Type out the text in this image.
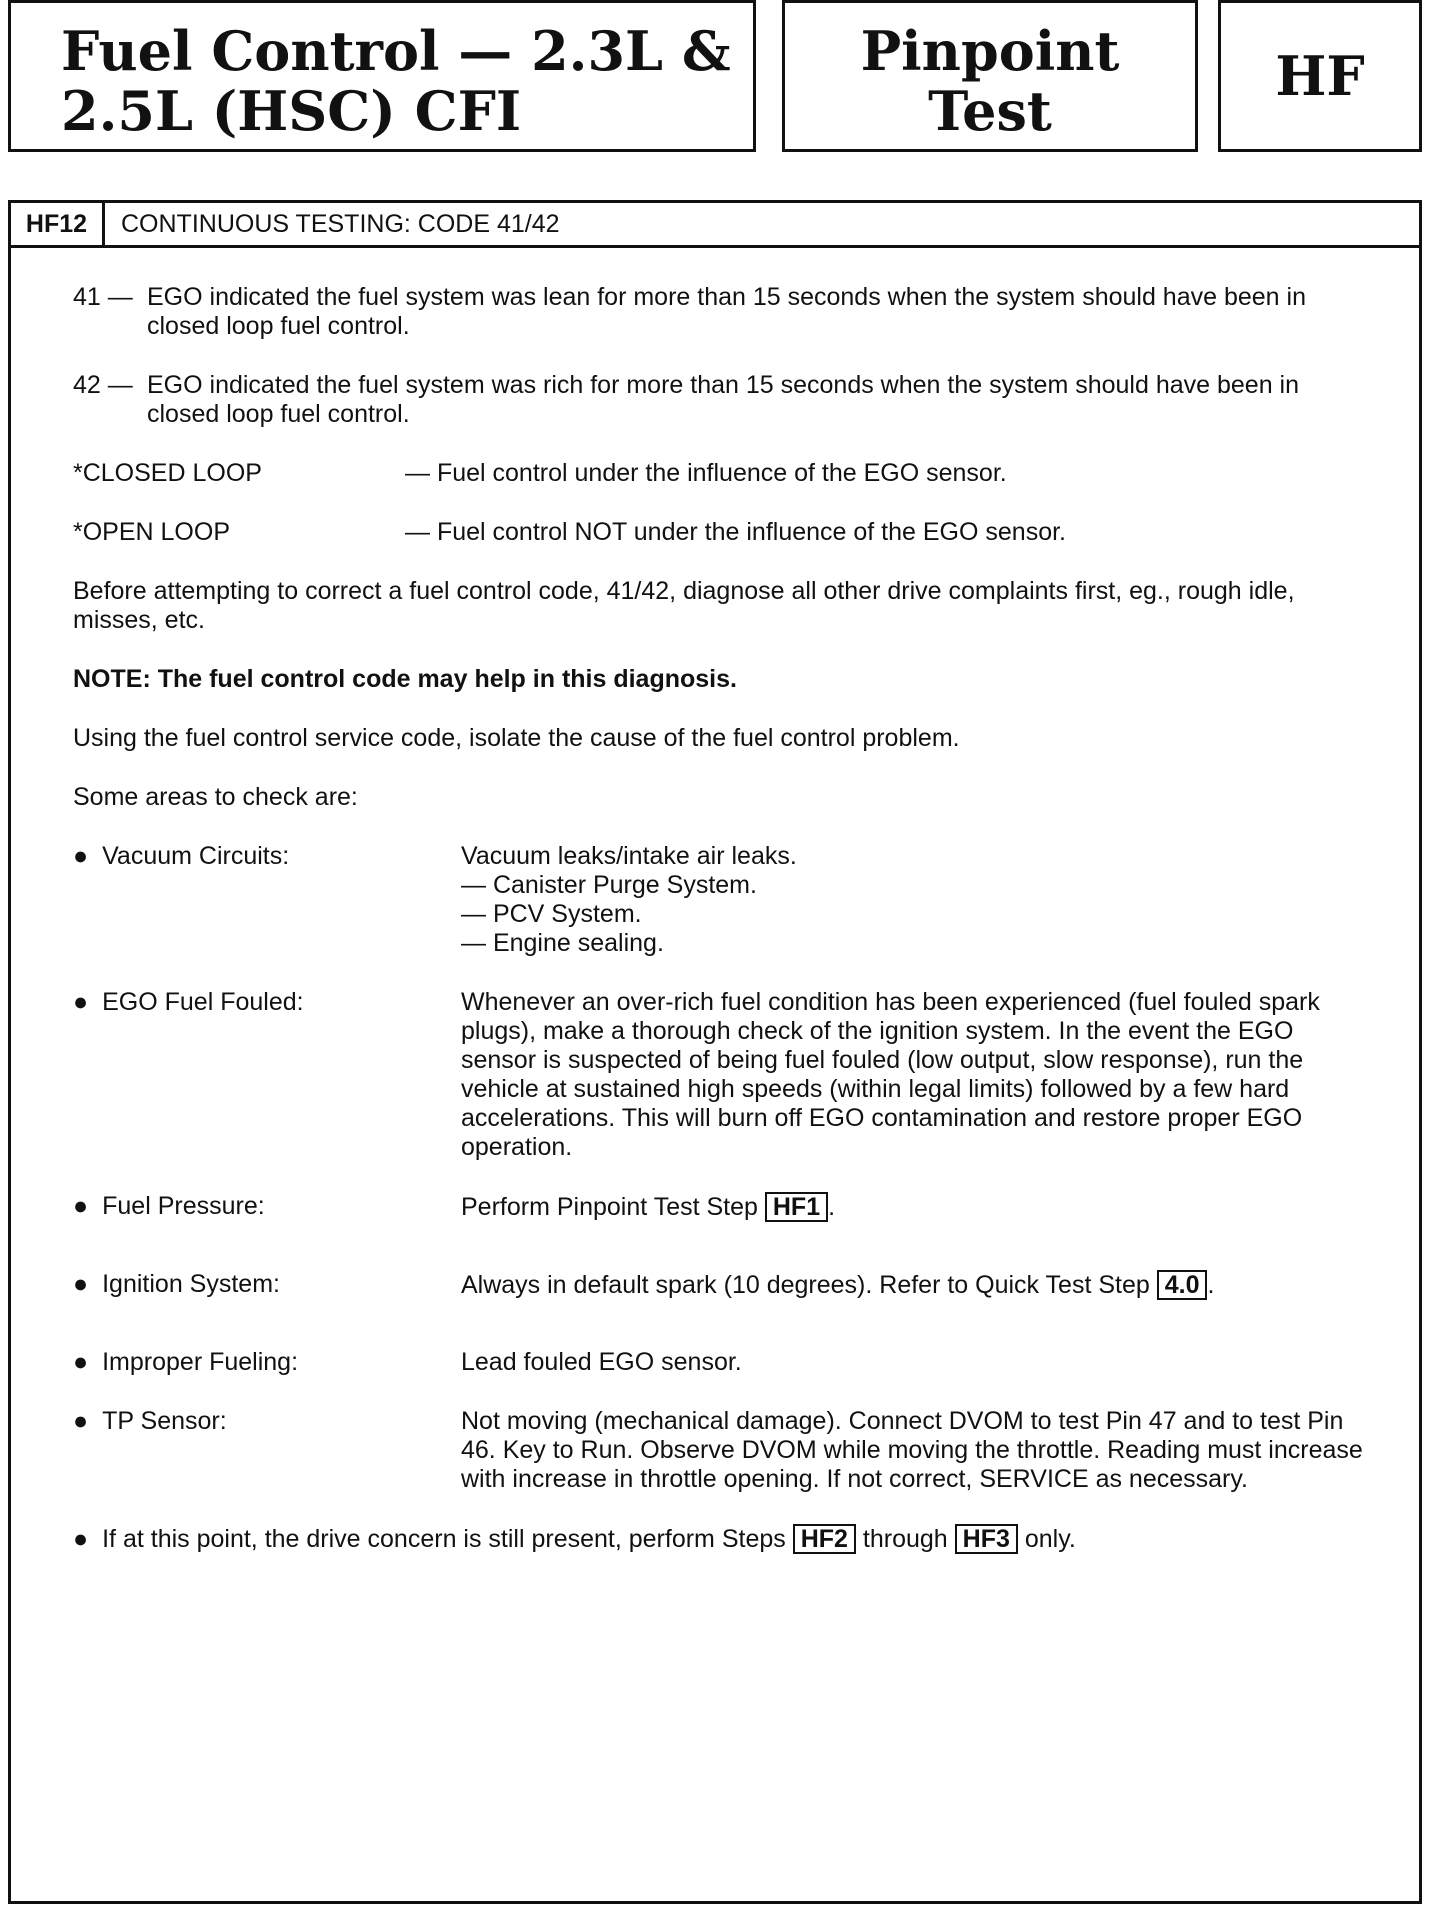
Fuel Control — 2.3L &
2.5L (HSC) CFI
Pinpoint
Test
HF
HF12	CONTINUOUS TESTING: CODE 41/42
41 — EGO indicated the fuel system was lean for more than 15 seconds when the system should have been in closed loop fuel control.
42 — EGO indicated the fuel system was rich for more than 15 seconds when the system should have been in closed loop fuel control.
*CLOSED LOOP	— Fuel control under the influence of the EGO sensor.
*OPEN LOOP	— Fuel control NOT under the influence of the EGO sensor.
Before attempting to correct a fuel control code, 41/42, diagnose all other drive complaints first, eg., rough idle, misses, etc.
NOTE: The fuel control code may help in this diagnosis.
Using the fuel control service code, isolate the cause of the fuel control problem.
Some areas to check are:
● Vacuum Circuits:	Vacuum leaks/intake air leaks.
— Canister Purge System.
— PCV System.
— Engine sealing.
● EGO Fuel Fouled:	Whenever an over-rich fuel condition has been experienced (fuel fouled spark plugs), make a thorough check of the ignition system. In the event the EGO sensor is suspected of being fuel fouled (low output, slow response), run the vehicle at sustained high speeds (within legal limits) followed by a few hard accelerations. This will burn off EGO contamination and restore proper EGO operation.
● Fuel Pressure:	Perform Pinpoint Test Step HF1 .
● Ignition System:	Always in default spark (10 degrees). Refer to Quick Test Step 4.0 .
● Improper Fueling:	Lead fouled EGO sensor.
● TP Sensor:	Not moving (mechanical damage). Connect DVOM to test Pin 47 and to test Pin 46. Key to Run. Observe DVOM while moving the throttle. Reading must increase with increase in throttle opening. If not correct, SERVICE as necessary.
● If at this point, the drive concern is still present, perform Steps HF2 through HF3 only.
